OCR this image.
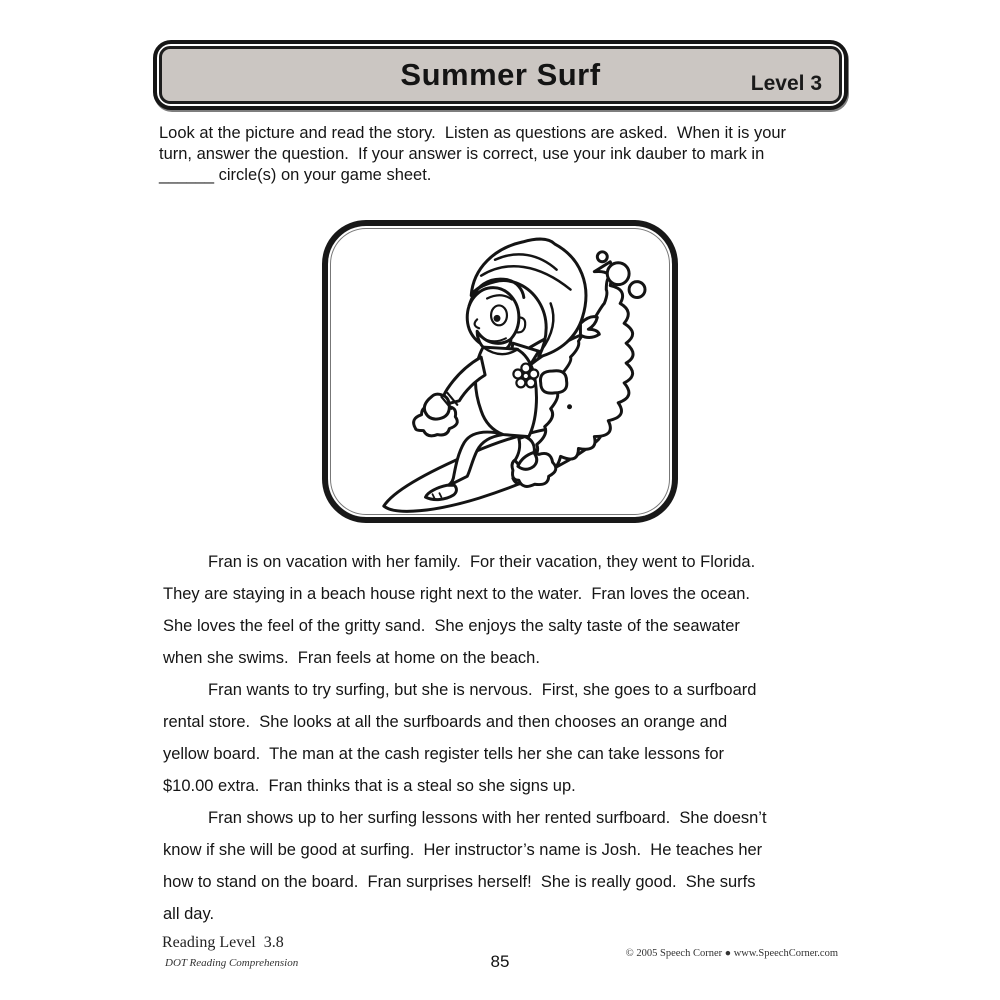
Summer Surf	Level 3
Look at the picture and read the story.  Listen as questions are asked.  When it is your
turn, answer the question.  If your answer is correct, use your ink dauber to mark in
______ circle(s) on your game sheet.
Fran is on vacation with her family.  For their vacation, they went to Florida.
They are staying in a beach house right next to the water.  Fran loves the ocean.
She loves the feel of the gritty sand.  She enjoys the salty taste of the seawater
when she swims.  Fran feels at home on the beach.
Fran wants to try surfing, but she is nervous.  First, she goes to a surfboard
rental store.  She looks at all the surfboards and then chooses an orange and
yellow board.  The man at the cash register tells her she can take lessons for
$10.00 extra.  Fran thinks that is a steal so she signs up.
Fran shows up to her surfing lessons with her rented surfboard.  She doesn’t
know if she will be good at surfing.  Her instructor’s name is Josh.  He teaches her
how to stand on the board.  Fran surprises herself!  She is really good.  She surfs
all day.
Reading Level  3.8
DOT Reading Comprehension	85	© 2005 Speech Corner ● www.SpeechCorner.com
